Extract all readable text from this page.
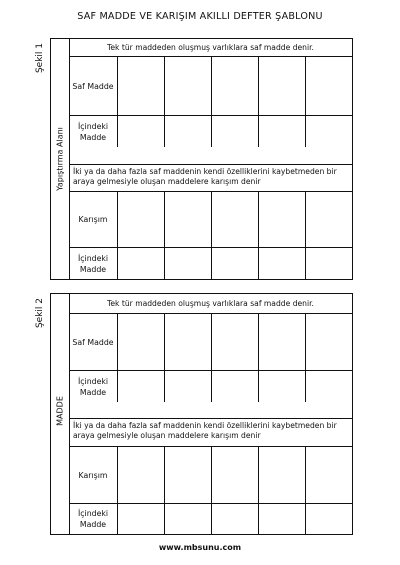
SAF MADDE VE KARIŞIM AKILLI DEFTER ŞABLONU
Şekil 1
Yapıştırma Alanı
Tek tür maddeden oluşmuş varlıklara saf madde denir.
Saf Madde
İçindeki Madde
İki ya da daha fazla saf maddenin kendi özelliklerini kaybetmeden bir araya gelmesiyle oluşan maddelere karışım denir
Karışım
İçindeki Madde
Şekil 2
MADDE
Tek tür maddeden oluşmuş varlıklara saf madde denir.
Saf Madde
İçindeki Madde
İki ya da daha fazla saf maddenin kendi özelliklerini kaybetmeden bir araya gelmesiyle oluşan maddelere karışım denir
Karışım
İçindeki Madde
www.mbsunu.com
